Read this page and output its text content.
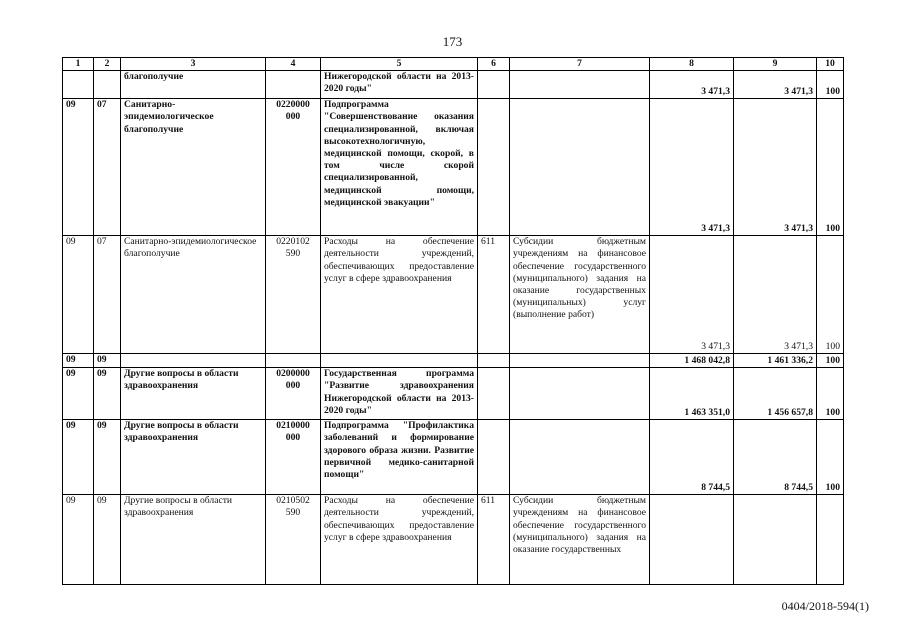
173
1	2	3	4	5	6	7	8	9	10
		благополучие		Нижегородской области на 2013-2020 годы"			3 471,3	3 471,3	100
09	07	Санитарно-эпидемиологическое благополучие	0220000 000	Подпрограмма "Совершенствование оказания специализированной, включая высокотехнологичную, медицинской помощи, скорой, в том числе скорой специализированной, медицинской помощи, медицинской эвакуации"			3 471,3	3 471,3	100
09	07	Санитарно-эпидемиологическое благополучие	0220102 590	Расходы на обеспечение деятельности учреждений, обеспечивающих предоставление услуг в сфере здравоохранения	611	Субсидии бюджетным учреждениям на финансовое обеспечение государственного (муниципального) задания на оказание государственных (муниципальных) услуг (выполнение работ)	3 471,3	3 471,3	100
09	09						1 468 042,8	1 461 336,2	100
09	09	Другие вопросы в области здравоохранения	0200000 000	Государственная программа "Развитие здравоохранения Нижегородской области на 2013-2020 годы"			1 463 351,0	1 456 657,8	100
09	09	Другие вопросы в области здравоохранения	0210000 000	Подпрограмма "Профилактика заболеваний и формирование здорового образа жизни. Развитие первичной медико-санитарной помощи"			8 744,5	8 744,5	100
09	09	Другие вопросы в области здравоохранения	0210502 590	Расходы на обеспечение деятельности учреждений, обеспечивающих предоставление услуг в сфере здравоохранения	611	Субсидии бюджетным учреждениям на финансовое обеспечение государственного (муниципального) задания на оказание государственных			
0404/2018-594(1)
